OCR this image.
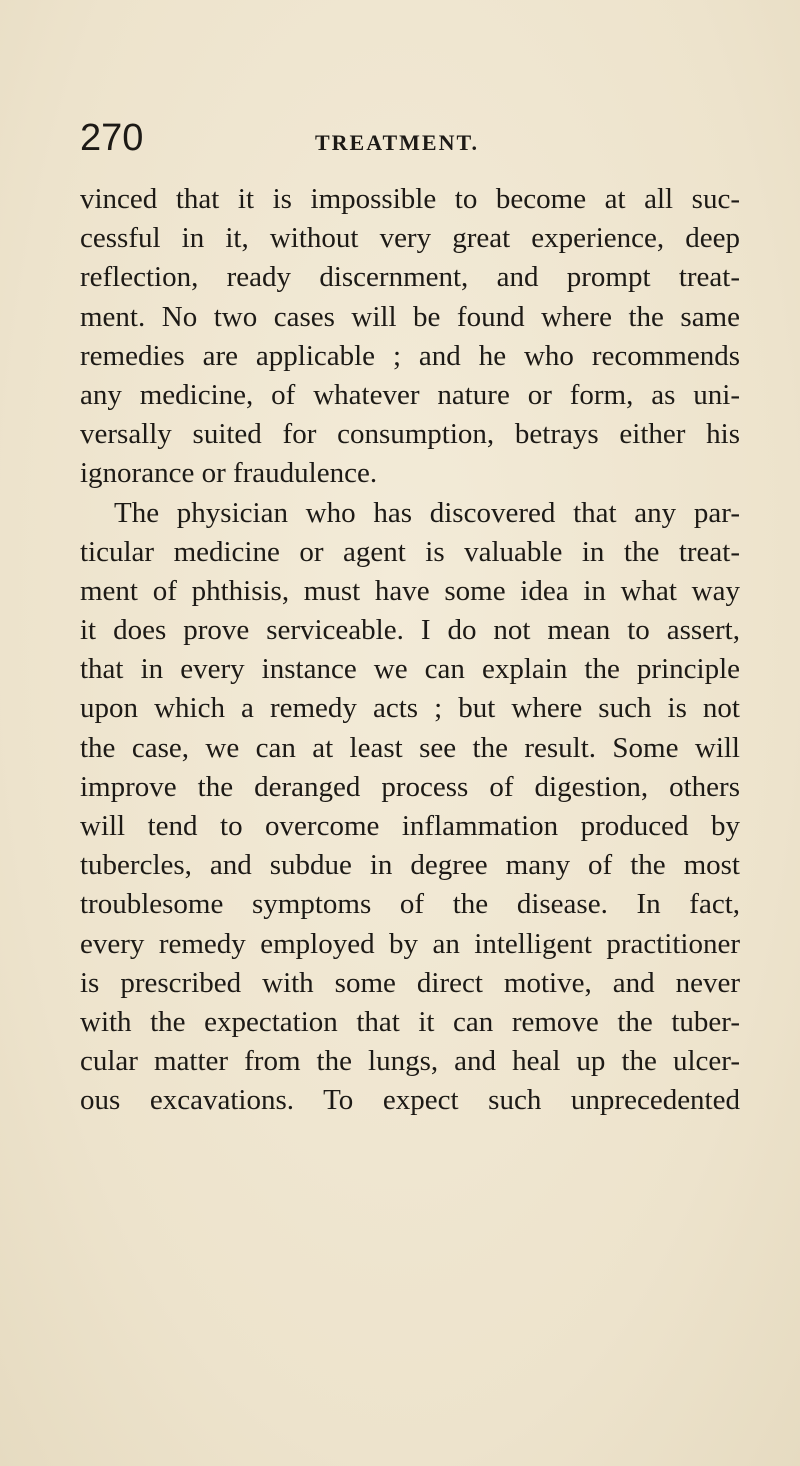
270	TREATMENT.
vinced that it is impossible to become at all suc-
cessful in it, without very great experience, deep
reflection, ready discernment, and prompt treat-
ment. No two cases will be found where the same
remedies are applicable ; and he who recommends
any medicine, of whatever nature or form, as uni-
versally suited for consumption, betrays either his
ignorance or fraudulence.
The physician who has discovered that any par-
ticular medicine or agent is valuable in the treat-
ment of phthisis, must have some idea in what way
it does prove serviceable. I do not mean to assert,
that in every instance we can explain the principle
upon which a remedy acts ; but where such is not
the case, we can at least see the result. Some will
improve the deranged process of digestion, others
will tend to overcome inflammation produced by
tubercles, and subdue in degree many of the most
troublesome symptoms of the disease. In fact,
every remedy employed by an intelligent practitioner
is prescribed with some direct motive, and never
with the expectation that it can remove the tuber-
cular matter from the lungs, and heal up the ulcer-
ous excavations. To expect such unprecedented
